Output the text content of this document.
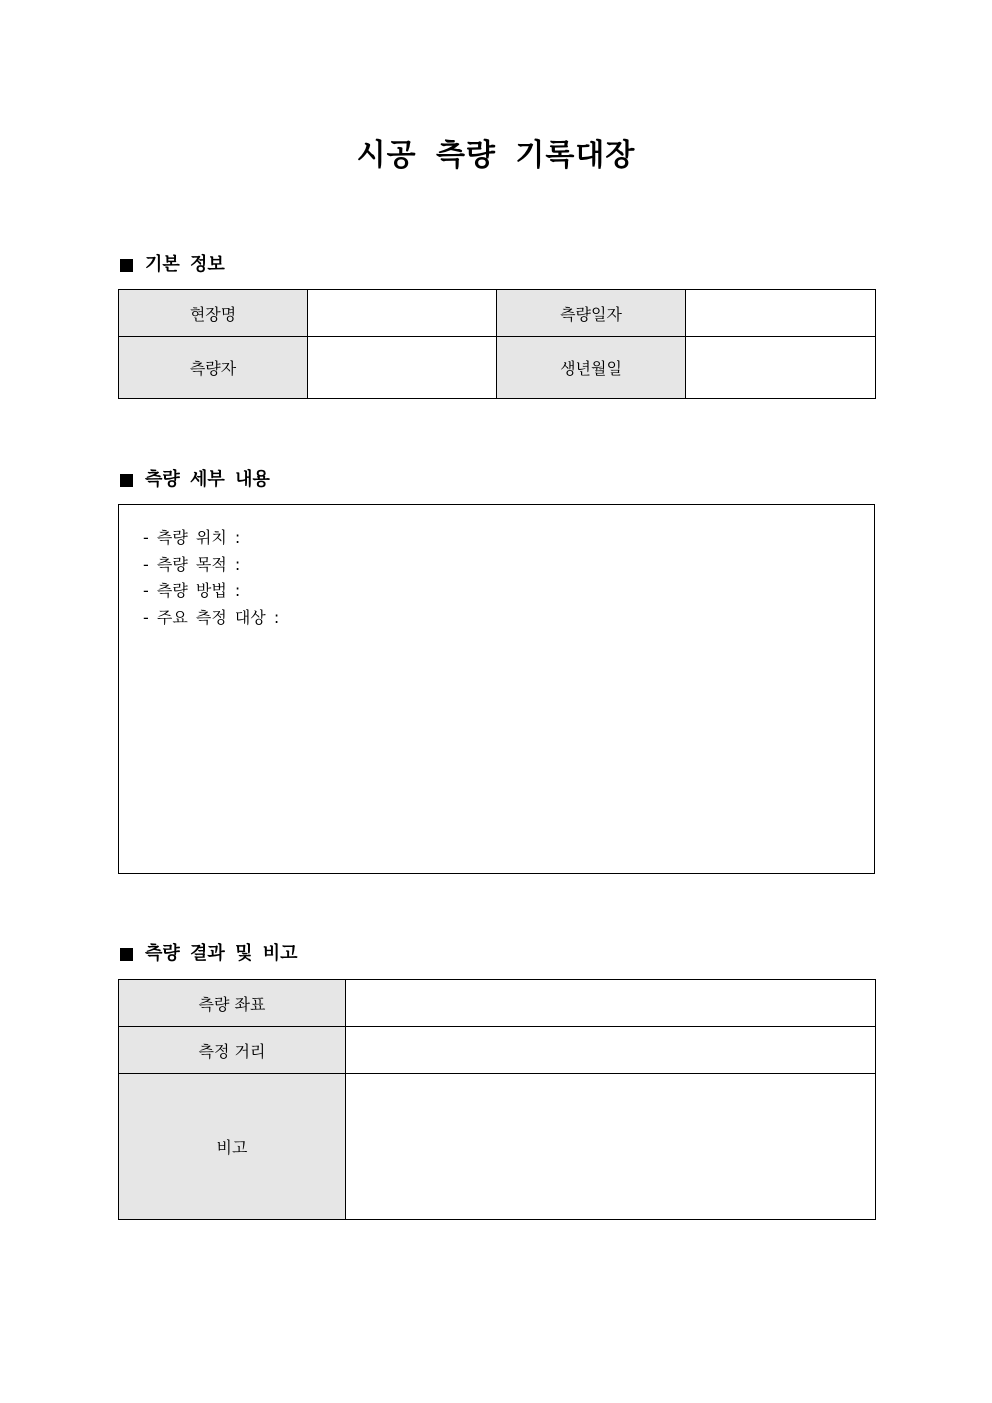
시공 측량 기록대장
기본 정보
현장명		측량일자	
측량자		생년월일	
측량 세부 내용
- 측량 위치 :
- 측량 목적 :
- 측량 방법 :
- 주요 측정 대상 :
측량 결과 및 비고
측량 좌표	
측정 거리	
비고	
